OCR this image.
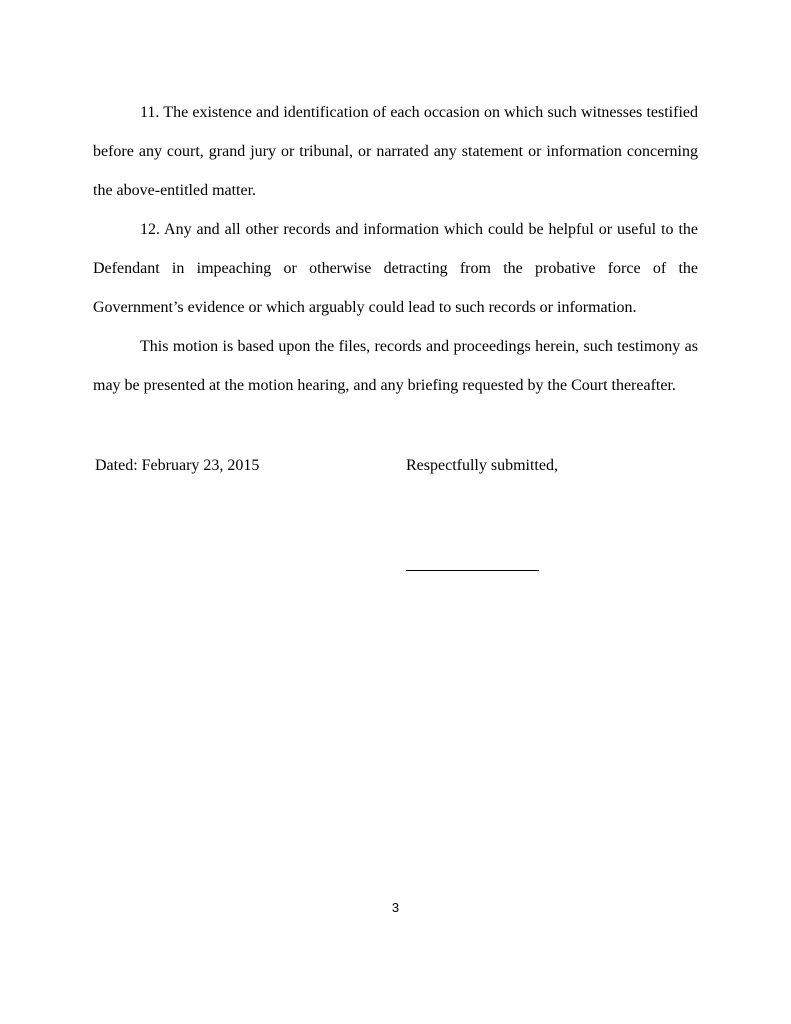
11. The existence and identification of each occasion on which such witnesses testified before any court, grand jury or tribunal, or narrated any statement or information concerning the above-entitled matter.

12. Any and all other records and information which could be helpful or useful to the Defendant in impeaching or otherwise detracting from the probative force of the Government’s evidence or which arguably could lead to such records or information.

This motion is based upon the files, records and proceedings herein, such testimony as may be presented at the motion hearing, and any briefing requested by the Court thereafter.

Dated: February 23, 2015	Respectfully submitted,
3
